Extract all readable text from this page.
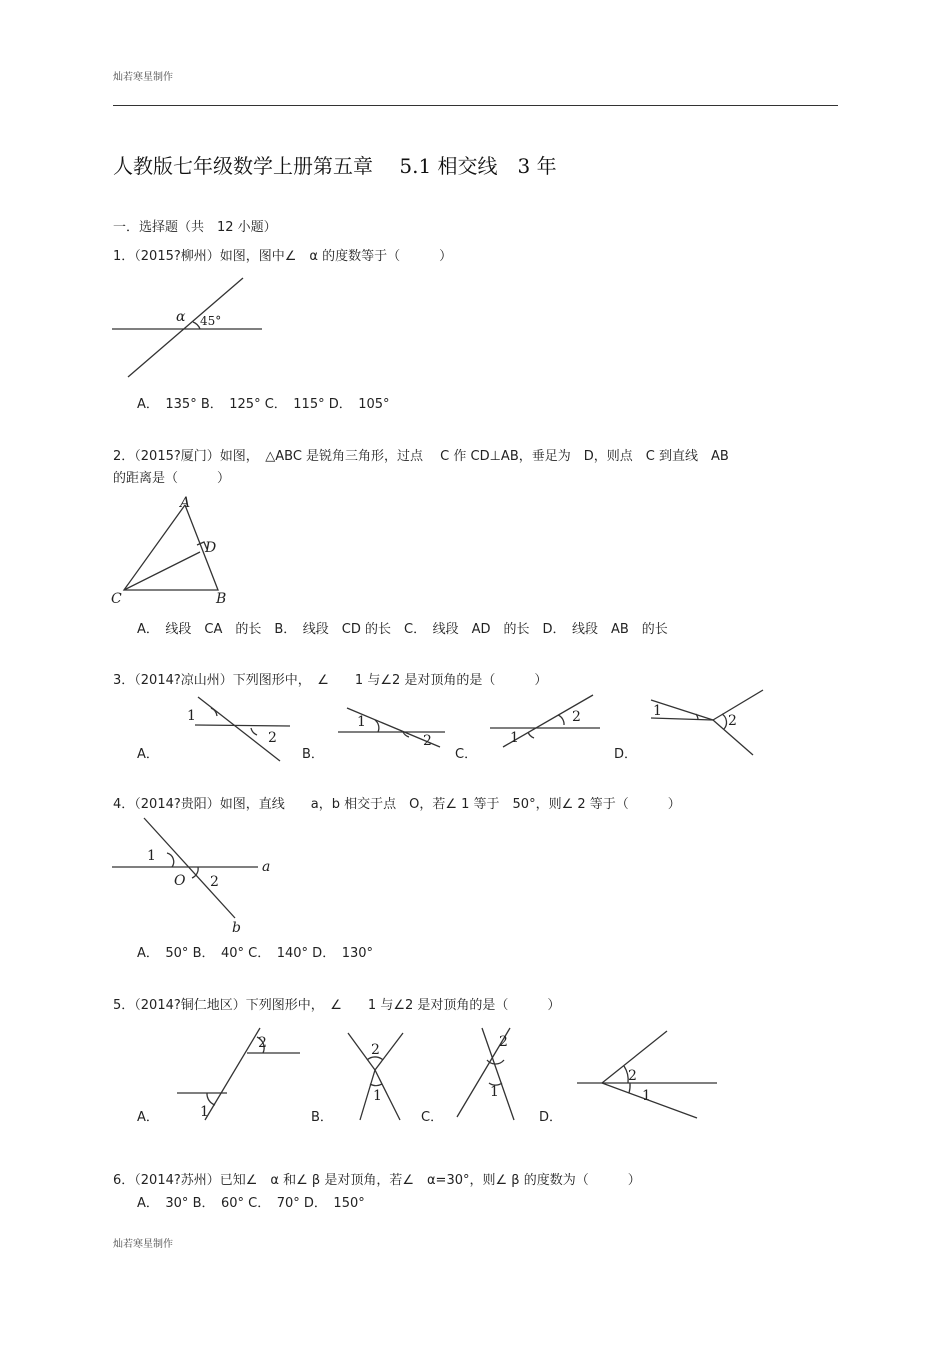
灿若寒星制作
人教版七年级数学上册第五章　 5.1 相交线　3 年
一．选择题（共　12 小题）
1．（2015?柳州）如图，图中∠　α 的度数等于（　　　）
α 45°
A．　135° B．　125° C．　115° D．　105°
2．（2015?厦门）如图，　△ABC 是锐角三角形，过点　 C 作 CD⊥AB，垂足为　D，则点　C 到直线　AB
的距离是（　　　）
A
D
C	B
A．　线段　CA　的长　B．　线段　CD 的长　C．　线段　AD　的长　D．　线段　AB　的长
3．（2014?凉山州）下列图形中，　∠　　1 与∠2 是对顶角的是（　　　）
A．
1
2
B．
1
2
C．
2
1
D．
1
2
4．（2014?贵阳）如图，直线　　a，b 相交于点　O，若∠ 1 等于　50°，则∠ 2 等于（　　　）
1
O 2
a
b
A．　50° B．　40° C．　140° D．　130°
5．（2014?铜仁地区）下列图形中，　∠　　1 与∠2 是对顶角的是（　　　）
A．
2
1	B．
2
1
C．
2
1
D．
2
1
6．（2014?苏州）已知∠　α 和∠ β 是对顶角，若∠　α=30°，则∠ β 的度数为（　　　）
A．　30° B．　60° C．　70° D．　150°
灿若寒星制作
